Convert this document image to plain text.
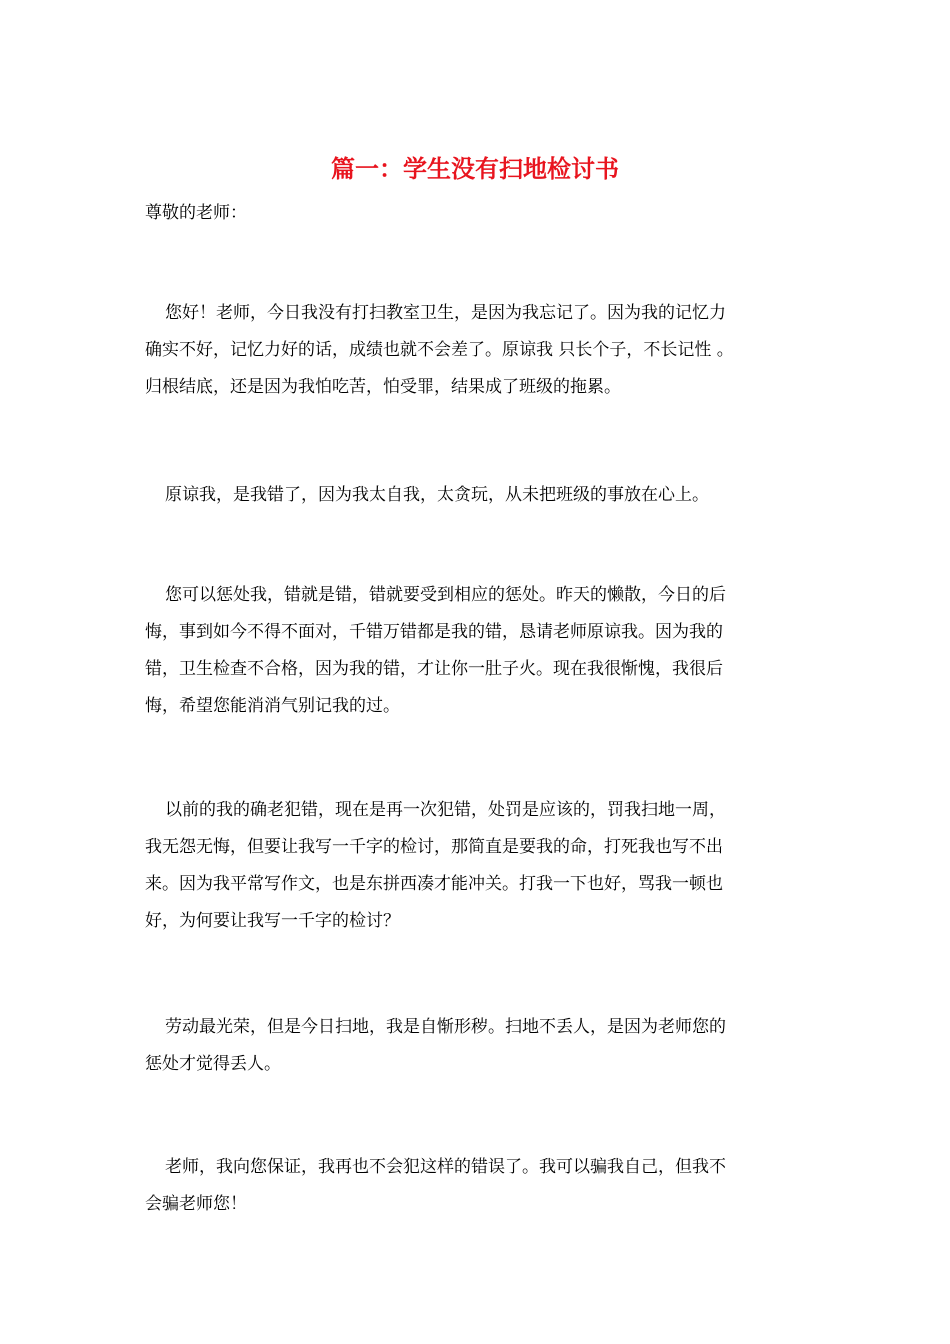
篇一：学生没有扫地检讨书
尊敬的老师：
您好！老师，今日我没有打扫教室卫生，是因为我忘记了。因为我的记忆力
确实不好，记忆力好的话，成绩也就不会差了。原谅我 只长个子，不长记性 。
归根结底，还是因为我怕吃苦，怕受罪，结果成了班级的拖累。
原谅我，是我错了，因为我太自我，太贪玩，从未把班级的事放在心上。
您可以惩处我，错就是错，错就要受到相应的惩处。昨天的懒散，今日的后
悔，事到如今不得不面对，千错万错都是我的错，恳请老师原谅我。因为我的
错，卫生检查不合格，因为我的错，才让你一肚子火。现在我很惭愧，我很后
悔，希望您能消消气别记我的过。
以前的我的确老犯错，现在是再一次犯错，处罚是应该的，罚我扫地一周，
我无怨无悔，但要让我写一千字的检讨，那简直是要我的命，打死我也写不出
来。因为我平常写作文，也是东拼西凑才能冲关。打我一下也好，骂我一顿也
好，为何要让我写一千字的检讨？
劳动最光荣，但是今日扫地，我是自惭形秽。扫地不丢人，是因为老师您的
惩处才觉得丢人。
老师，我向您保证，我再也不会犯这样的错误了。我可以骗我自己，但我不
会骗老师您！
